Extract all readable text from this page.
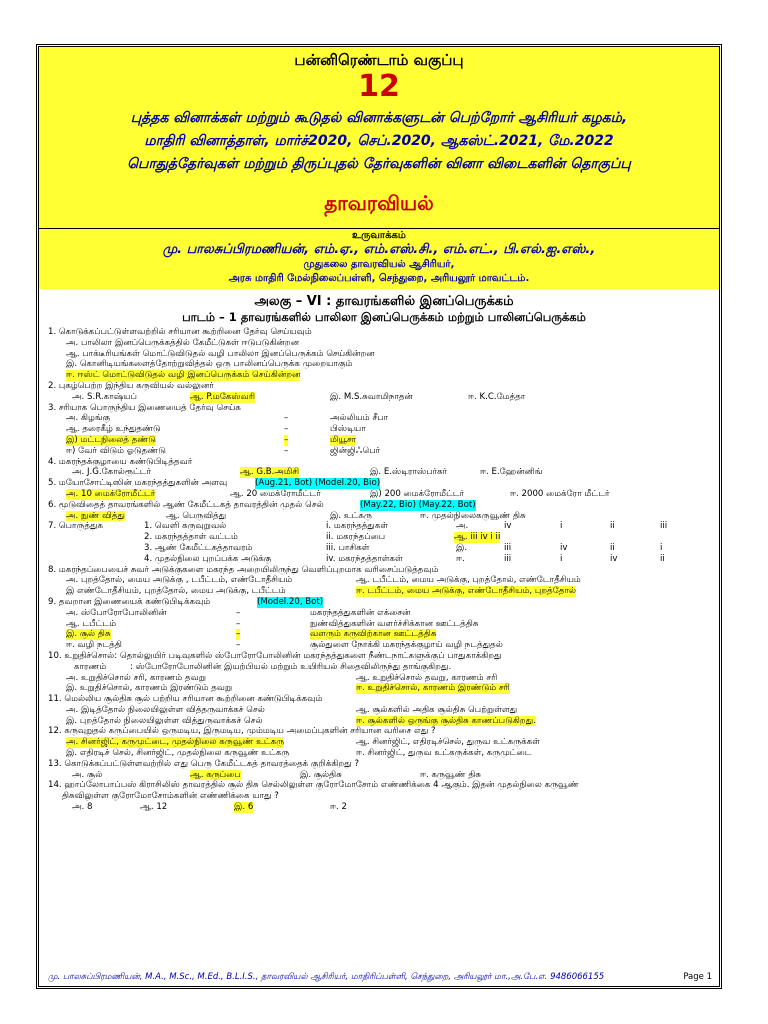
பன்னிரெண்டாம் வகுப்பு
12
புத்தக வினாக்கள் மற்றும் கூடுதல் வினாக்களுடன் பெற்றோர் ஆசிரியர் கழகம்,
மாதிரி வினாத்தாள், மார்ச்2020, செப்.2020, ஆகஸ்ட்.2021, மே.2022
பொதுத்தேர்வுகள் மற்றும் திருப்புதல் தேர்வுகளின் வினா விடைகளின் தொகுப்பு
தாவரவியல்
உருவாக்கம்
மு. பாலசுப்பிரமணியன், எம்.ஏ., எம்.எஸ்.சி., எம்.எட்., பி.எல்.ஐ.எஸ்.,
முதுகலை தாவரவியல் ஆசிரியர்,
அரசு மாதிரி மேல்நிலைப்பள்ளி, செந்துறை, அரியலூர் மாவட்டம்.
அலகு – VI : தாவரங்களில் இனப்பெருக்கம்
பாடம் – 1 தாவரங்களில் பாலிலா இனப்பெருக்கம் மற்றும் பாலினப்பெருக்கம்
1. கொடுக்கப்பட்டுள்ளவற்றில் சரியான கூற்றினை தேர்வு செய்யவும்
அ. பாலிலா இனப்பெருக்கத்தில் கேமீட்டுகள் ஈடுபடுகின்றன
ஆ. பாக்டீரியங்கள் மொட்டுவிடுதல் வழி பாலிலா இனப்பெருக்கம் செய்கின்றன
இ. கொனிடியங்களைத்தோற்றுவித்தல் ஒரு பாலினப்பெருக்க முறையாகும்
ஈ. ஈஸ்ட் மொட்டுவிடுதல் வழி இனப்பெருக்கம் செய்கின்றன
2. புகழ்பெற்ற இந்திய கருவியல் வல்லுனர்
அ. S.R.காஷ்யப்	ஆ. P.மகேஸ்வரி	இ. M.S.சுவாமிநாதன்	ஈ. K.C.மேத்தா
3. சரியாக பொருந்திய இணையைத் தேர்வு செய்க
அ. கிழங்கு	–	அல்லியம் சீபா
ஆ. தரைகீழ் உந்துதண்டு	–	பிஸ்டியா
இ) மட்டநிலைத் தண்டு	–	மியூசா
ஈ) வேர் விடும் ஓடுதண்டு	–	ஜின்ஜிஃபெர்
4. மகரந்தக்குழாயை கண்டுபிடித்தவர்
அ. J.G.கோல்ரூட்டர்	ஆ. G.B.அமிசி	இ. E.ஸ்டிராஸ்பர்கர்	ஈ. E.ஹேன்னிங்
5. மயோசோட்டிஸின் மகரந்தத்துகளின் அளவு	(Aug.21, Bot) (Model.20, Bio)
அ. 10 மைக்ரோமீட்டர்	ஆ. 20 மைக்ரோமீட்டர்	இ) 200 மைக்ரோமீட்டர்	ஈ. 2000 மைக்ரோ மீட்டர்
6. மூடுவிதைத் தாவரங்களில் ஆண் கேமீட்டகத் தாவரத்தின் முதல் செல்	(May.22, Bio) (May.22, Bot)
அ. நுண் வித்து	ஆ. பெருவித்து	இ. உட்கரு	ஈ. முதல்நிலைகருவூண் திசு
7. பொருத்துக	1. வெளி கருவுறுவல்	i. மகரந்தத்துகள்	அ.	iv	i	ii	iii
2. மகரந்தத்தாள் வட்டம்	ii. மகரந்தப்பை	ஆ. iii iv i ii
3. ஆண் கேமீட்டகத்தாவரம்	iii. பாசிகள்	இ.	iii	iv	ii	i
4. முதல்நிலை புறப்பக்க அடுக்கு	iv. மகரந்தத்தாள்கள்	ஈ.	iii	i	iv	ii
8. மகரந்தப்பையைச் சுவர் அடுக்குகளை மகரந்த அறையிலிருந்து வெளிப்புறமாக வரிசைப்படுத்தவும்
அ. புறத்தோல், மைய அடுக்கு , டபீட்டம், எண்டோதீசியம்	ஆ. டபீட்டம், மைய அடுக்கு, புறத்தோல், எண்டோதீசியம்
இ எண்டோதீசியம், புறத்தோல், மைய அடுக்கு, டபீட்டம்	ஈ. டபீட்டம், மைய அடுக்கு, எண்டோதீசியம், புறத்தோல்
9. தவறான இணையைக் கண்டுபிடிக்கவும்	(Model.20, Bot)
அ. ஸ்போரோபோலினின்	–	மகரந்தத்துகளின் எக்சைன்
ஆ. டபீட்டம்	–	நுண்வித்துகளின் வளர்ச்சிக்கான ஊட்டத்திசு
இ. சூல் திசு	–	வளரும் கருவிற்கான ஊட்டத்திசு
ஈ. வழி நடத்தி	–	சூல்துளை நோக்கி மகரந்தக்குழாய் வழி நடத்துதல்
10. உறுதிச்சொல்: தொல்லுயிர் படிவுகளில் ஸ்போரோபோலினின் மகரந்தத்துகளை நீண்டநாட்களுக்குப் பாதுகாக்கிறது
காரணம்	: ஸ்போரோபோலினின் இயற்பியல் மற்றும் உயிரியல் சிதைவிலிருந்து தாங்குகிறது.
அ. உறுதிச்சொல் சரி, காரணம் தவறு	ஆ. உறுதிச்சொல் தவறு, காரணம் சரி
இ. உறுதிச்சொல், காரணம் இரண்டும் தவறு	ஈ. உறுதிச்சொல், காரணம் இரண்டும் சரி
11. மெல்லிய சூல்திசு சூல் பற்றிய சரியான கூற்றினை கண்டுபிடிக்கவும்
அ. இடித்தோல் நிலையிலுள்ள வித்தருவாக்கச் செல்	ஆ. சூல்களில் அதிக சூல்திசு பெற்றுள்ளது
இ. புறத்தோல் நிலையிலுள்ள வித்துருவாக்கச் செல்	ஈ. சூல்களில் ஒருங்கு சூல்திசு காணப்படுகிறது.
12. கருவுறுதல் கருப்பையில் ஒருமடிய, இருமடிய, மும்மடிய அமைப்புகளின் சரியான வரிசை எது ?
அ. சினர்ஜிட், கருமுட்டை, முதல்நிலை கருவூண் உட்கரு	ஆ. சினர்ஜிட், எதிரடிச்செல், துருவ உட்கருக்கள்
இ. எதிரடிச் செல், சினர்ஜிட், முதல்நிலை கருவூண் உட்கரு	ஈ. சினர்ஜிட், துருவ உட்கருக்கள், கருமுட்டை
13. கொடுக்கப்பட்டுள்ளவற்றில் எது பெரு கேமீட்டகத் தாவரத்தைக் குறிக்கிறது ?
அ. சூல்	ஆ. கருப்பை	இ. சூல்திசு	ஈ. கருவூண் திசு
14. ஹாப்லோபாப்பஸ் கிராசிலிஸ் தாவரத்தில் சூல் திசு செல்லிலுள்ள குரோமோசோம் எண்ணிக்கை 4 ஆகும். இதன் முதல்நிலை கருவூண்
திசுவிலுள்ள குரோமோசோம்களின் எண்ணிக்கை யாது ?
அ. 8	ஆ. 12	இ. 6	ஈ. 2
மு. பாலசுப்பிரமணியன், M.A., M.Sc., M.Ed., B.L.I.S., தாவரவியல் ஆசிரியர், மாதிரிப்பள்ளி, செந்துறை, அரியலூர் மா.,அ.பே.எ. 9486066155	Page 1
